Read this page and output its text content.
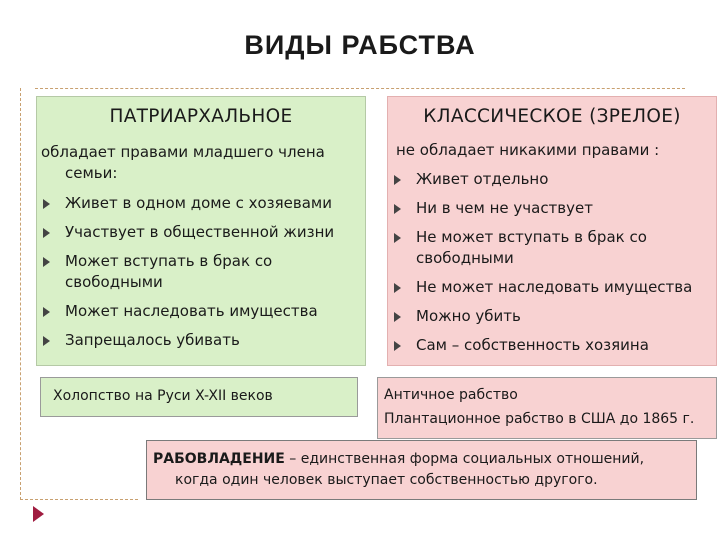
ВИДЫ РАБСТВА
ПАТРИАРХАЛЬНОЕ
обладает правами младшего члена
семьи:
Живет в одном доме с хозяевами
Участвует в общественной жизни
Может вступать в брак со свободными
Может наследовать имущества
Запрещалось убивать
КЛАССИЧЕСКОЕ (ЗРЕЛОЕ)
не обладает никакими правами :
Живет отдельно
Ни в чем не участвует
Не может вступать в брак со свободными
Не может наследовать имущества
Можно убить
Сам – собственность хозяина
Холопство на Руси X-XII веков	Античное рабство
Плантационное рабство в США до 1865 г.
РАБОВЛАДЕНИЕ – единственная форма социальных отношений,
когда один человек выступает собственностью другого.
